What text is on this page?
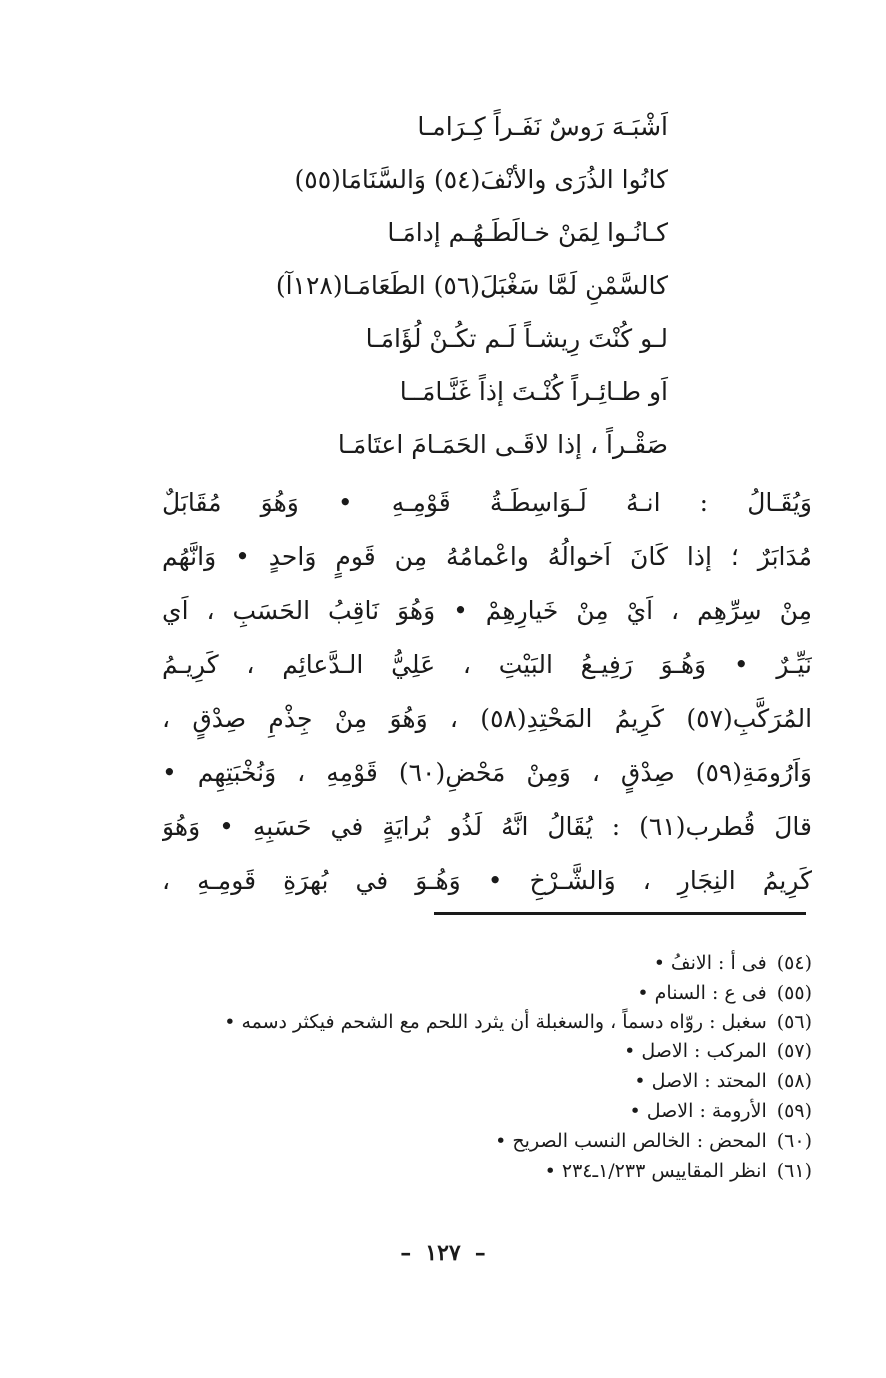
اَشْبَـهَ رَوسٌ نَفَـراً كِـرَامـا
كانُوا الذُرَى والأنْفَ(٥٤) وَالسَّنَامَا(٥٥)
كـانُـوا لِمَنْ خـالَطَـهُـم إدامَـا
كالسَّمْنِ لَمَّا سَغْبَلَ(٥٦) الطَعَامَـا(١٢٨آ)
لـو كُنْتَ رِيشـاً لَـم تكُـنْ لُؤَامَـا
اَو طـائِـراً كُنْـتَ إذاً غَنَّـامَــا
صَقْـراً ، إذا لاقَـى الحَمَـامَ اعتَامَـا
وَيُقَـالُ : انـهُ لَـوَاسِطَـةُ قَوْمِـهِ • وَهُوَ مُقَابَلٌ
مُدَابَرٌ ؛ إذا كَانَ اَخوالُهُ واعْمامُهُ مِن قَومٍ وَاحدٍ • وَانَّهُم
مِنْ سِرِّهِم ، اَيْ مِنْ خَيارِهِمْ • وَهُوَ نَاقِبُ الحَسَبِ ، اَي
نَيِّـرٌ • وَهُـوَ رَفِيـعُ البَيْتِ ، عَلِيُّ الـدَّعائِم ، كَرِيـمُ
المُرَكَّبِ(٥٧) كَرِيمُ المَحْتِدِ(٥٨) ، وَهُوَ مِنْ جِذْمِ صِدْقٍ ،
وَاَرُومَةِ(٥٩) صِدْقٍ ، وَمِنْ مَحْضِ(٦٠) قَوْمِهِ ، وَنُخْبَتِهِم •
قالَ قُطرب(٦١) : يُقَالُ انَّهُ لَذُو بُرايَةٍ في حَسَبِهِ • وَهُوَ
كَرِيمُ النِجَارِ ، وَالشَّـرْخِ • وَهُـوَ في بُهرَةِ قَومِـهِ ،
(٥٤)فى أ : الانفُ •
(٥٥)فى ع : السنام •
(٥٦)سغبل : روّاه دسماً ، والسغبلة أن يثرد اللحم مع الشحم فيكثر دسمه •
(٥٧)المركب : الاصل •
(٥٨)المحتد : الاصل •
(٥٩)الأرومة : الاصل •
(٦٠)المحض : الخالص النسب الصريح •
(٦١)انظر المقاييس ١/٢٣٣ـ٢٣٤ •
–١٢٧–
